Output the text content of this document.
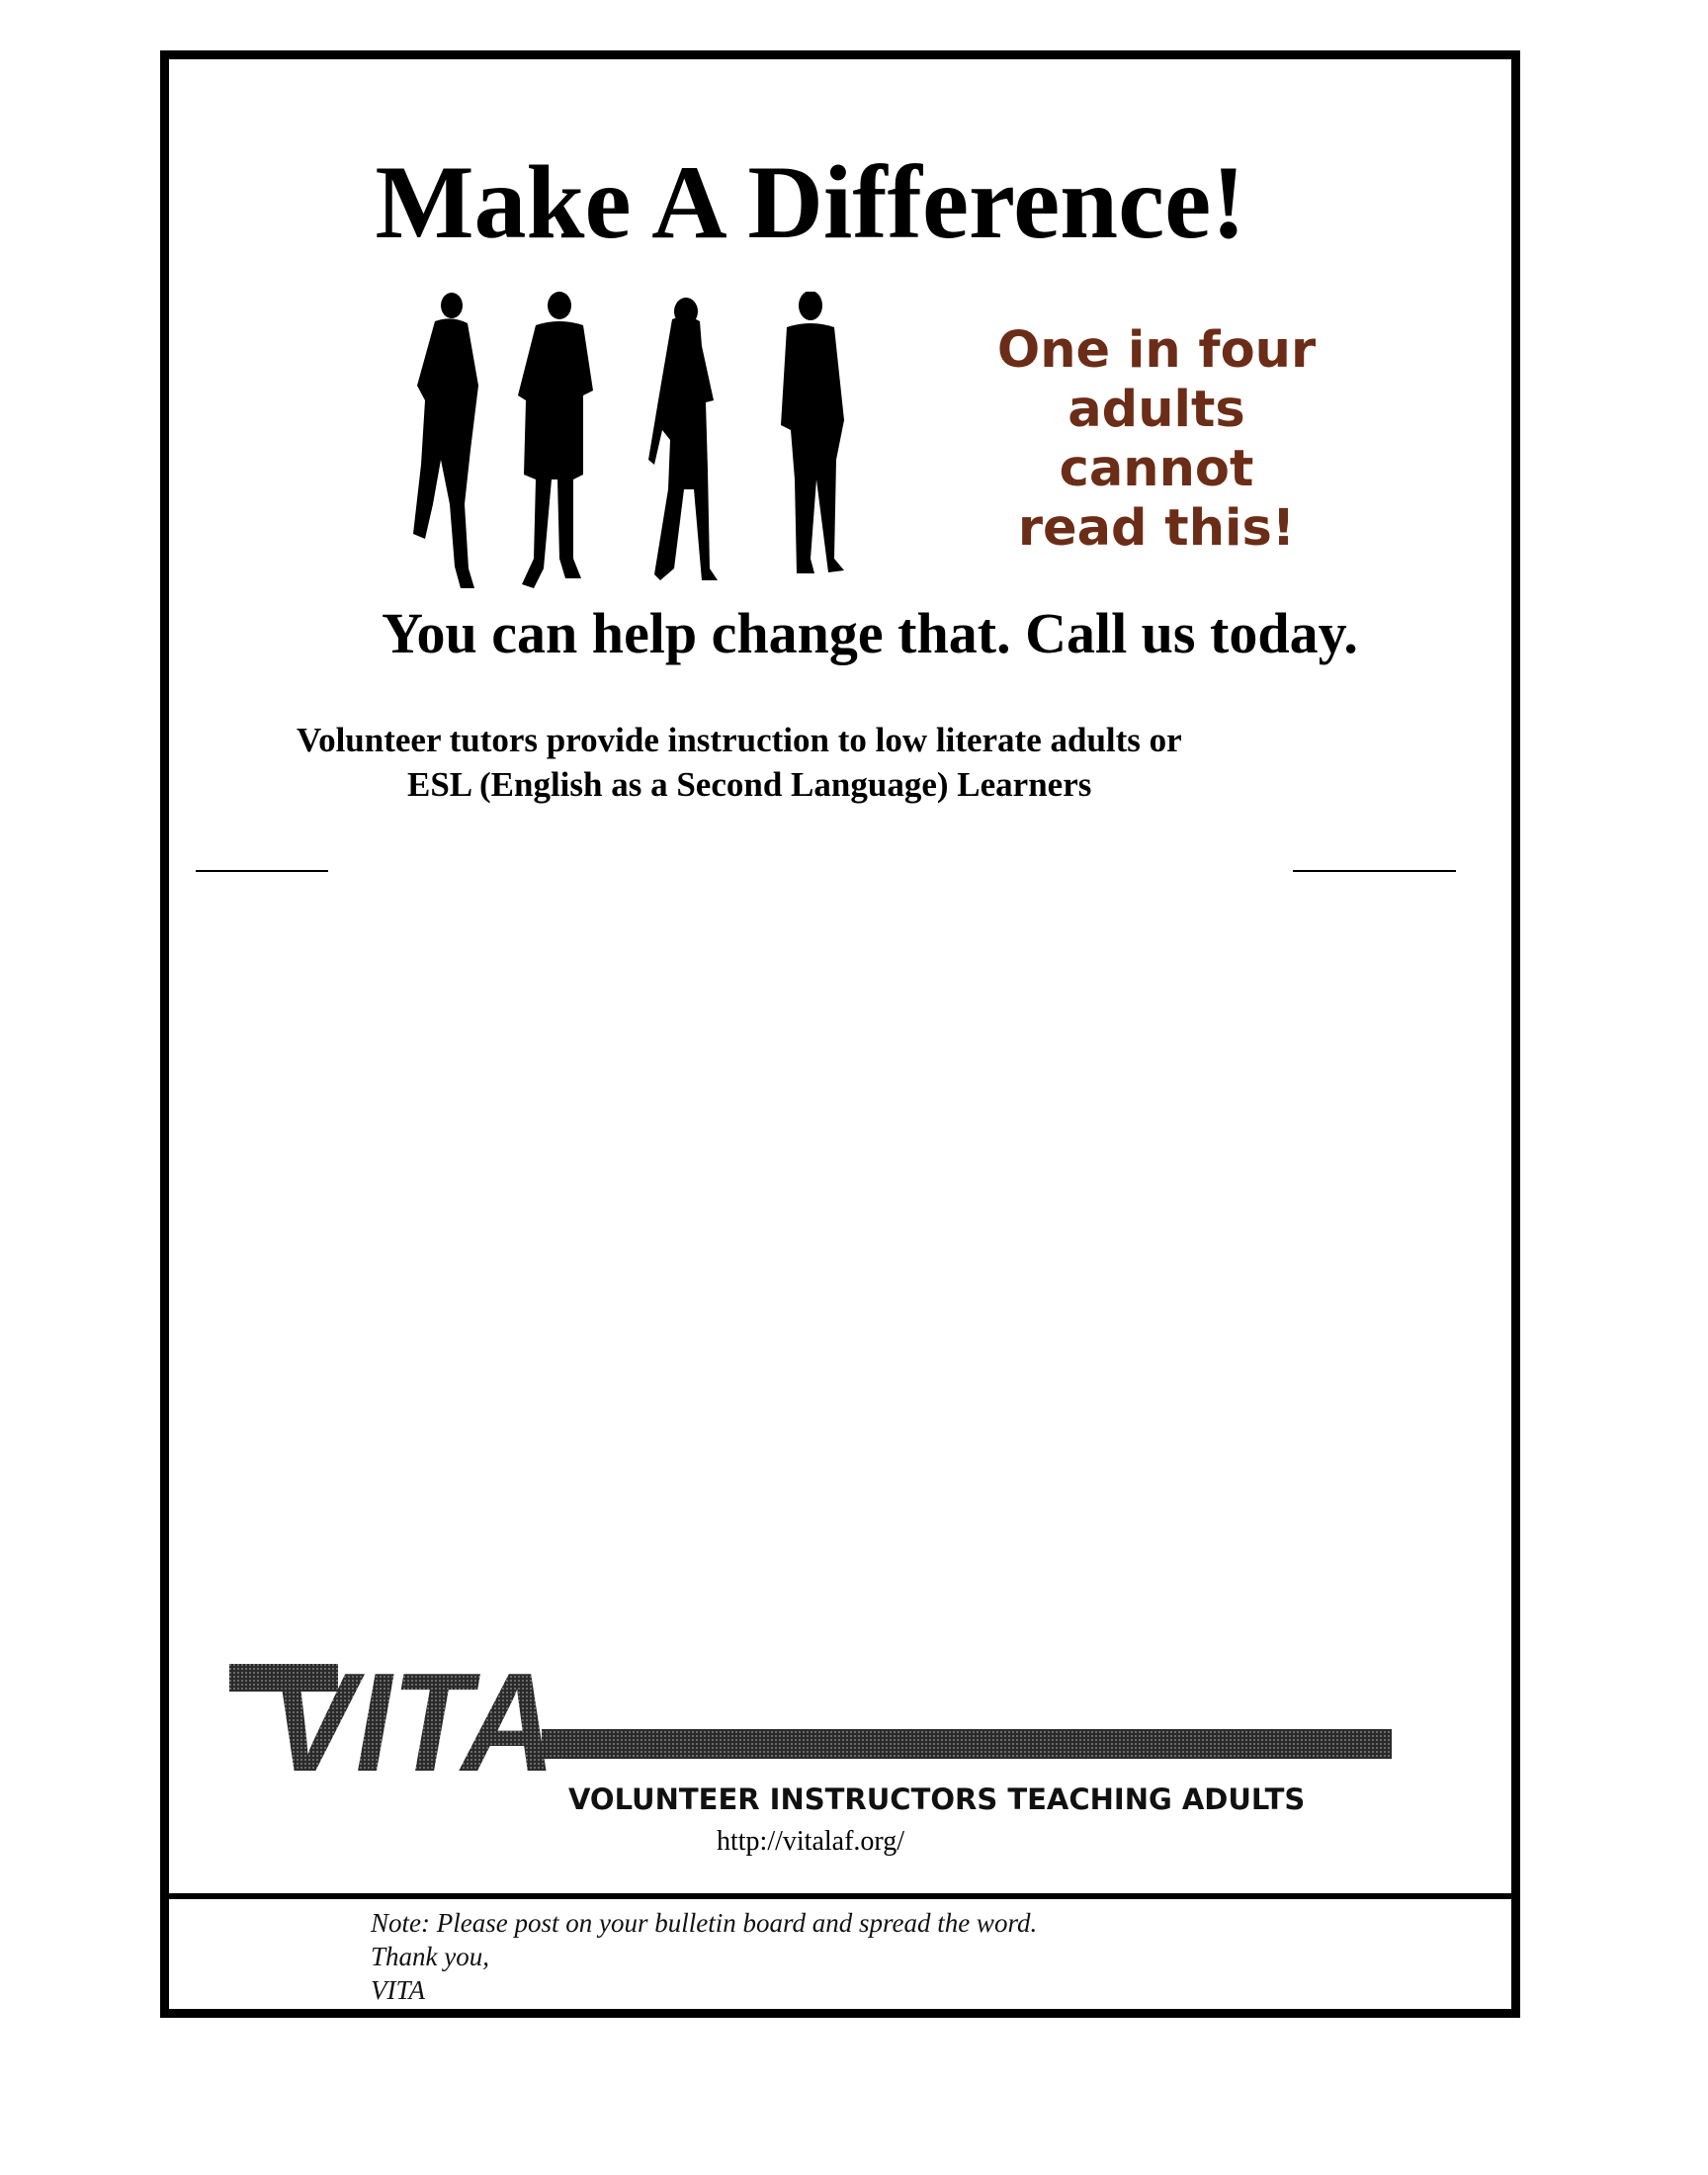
Make A Difference!
One in four
adults
cannot
read this!
You can help change that. Call us today.

Volunteer tutors provide instruction to low literate adults or
ESL (English as a Second Language) Learners

VITA VOLUNTEER INSTRUCTORS TEACHING ADULTS

http://vitalaf.org/

Note: Please post on your bulletin board and spread the word.
Thank you,
VITA
